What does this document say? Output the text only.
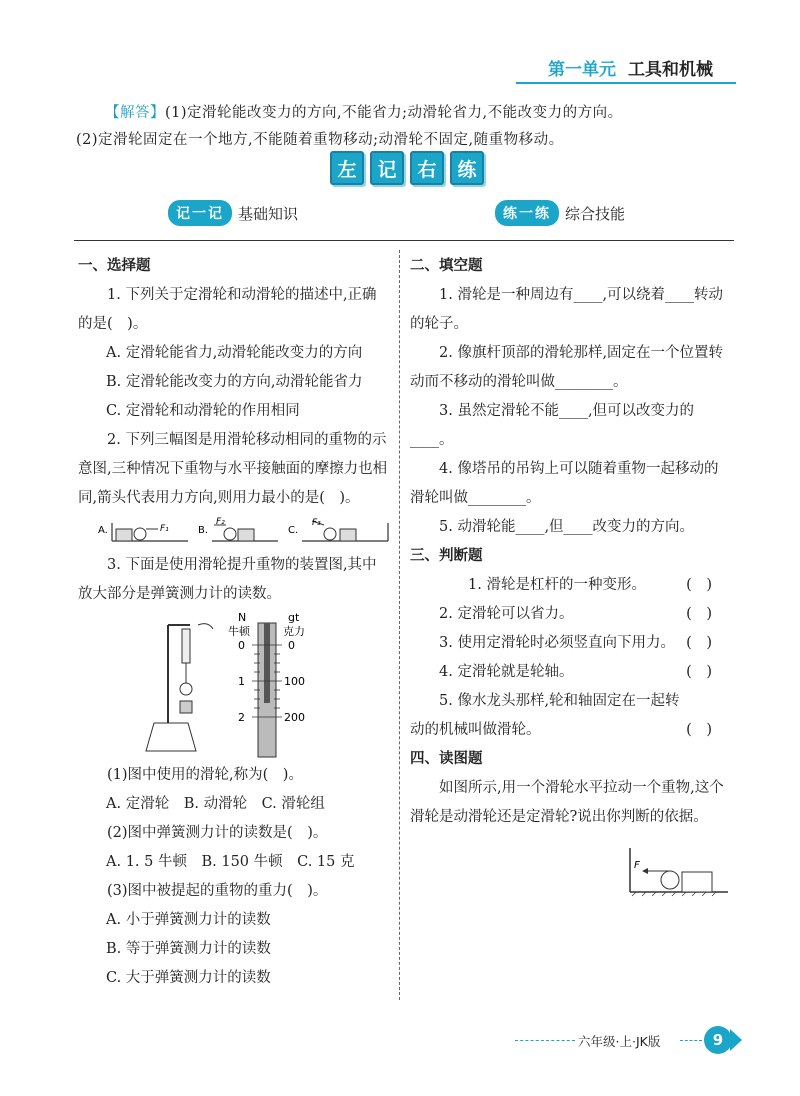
第一单元 工具和机械
【解答】(1)定滑轮能改变力的方向,不能省力;动滑轮省力,不能改变力的方向。
(2)定滑轮固定在一个地方,不能随着重物移动;动滑轮不固定,随重物移动。
左	记	右	练
记一记 基础知识	练一练 综合技能

一、选择题

1. 下列关于定滑轮和动滑轮的描述中,正确的是(　)。

A. 定滑轮能省力,动滑轮能改变力的方向

B. 定滑轮能改变力的方向,动滑轮能省力

C. 定滑轮和动滑轮的作用相同

2. 下列三幅图是用滑轮移动相同的重物的示意图,三种情况下重物与水平接触面的摩擦力也相同,箭头代表用力方向,则用力最小的是(　)。

A.	F₁	B.
F₂
C.
F₃

3. 下面是使用滑轮提升重物的装置图,其中放大部分是弹簧测力计的读数。

N
牛顿
gt
克力
0
1
2
0
100
200

(1)图中使用的滑轮,称为(　)。

A. 定滑轮　B. 动滑轮　C. 滑轮组

(2)图中弹簧测力计的读数是(　)。

A. 1. 5 牛顿　B. 150 牛顿　C. 15 克

(3)图中被提起的重物的重力(　)。

A. 小于弹簧测力计的读数

B. 等于弹簧测力计的读数

C. 大于弹簧测力计的读数

二、填空题

1. 滑轮是一种周边有____,可以绕着____转动的轮子。

2. 像旗杆顶部的滑轮那样,固定在一个位置转动而不移动的滑轮叫做________。

3. 虽然定滑轮不能____,但可以改变力的____。

4. 像塔吊的吊钩上可以随着重物一起移动的滑轮叫做________。

5. 动滑轮能____,但____改变力的方向。

三、判断题

1. 滑轮是杠杆的一种变形。	(　)
2. 定滑轮可以省力。	(　)
3. 使用定滑轮时必须竖直向下用力。 (　)
4. 定滑轮就是轮轴。	(　)

5. 像水龙头那样,轮和轴固定在一起转

动的机械叫做滑轮。	(　)

四、读图题

如图所示,用一个滑轮水平拉动一个重物,这个滑轮是动滑轮还是定滑轮?说出你判断的依据。

F
六年级·上·JK版	9
